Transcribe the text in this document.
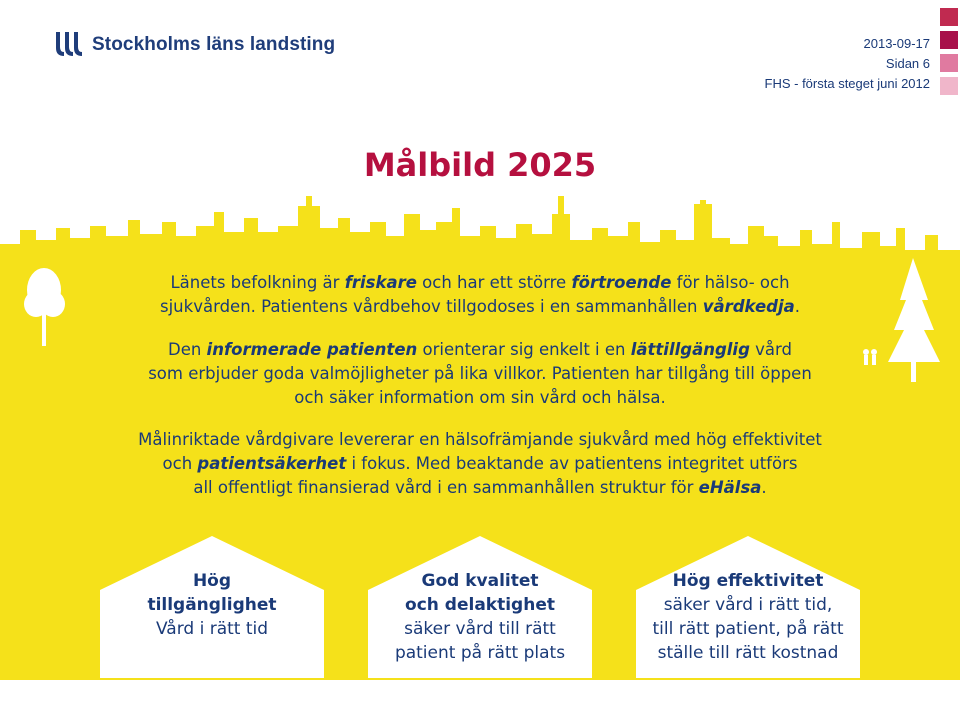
Stockholms läns landsting	2013-09-17
Sidan 6
FHS - första steget juni 2012
Målbild 2025
Länets befolkning är friskare och har ett större förtroende för hälso- och
sjukvården. Patientens vårdbehov tillgodoses i en sammanhållen vårdkedja.
Den informerade patienten orienterar sig enkelt i en lättillgänglig vård
som erbjuder goda valmöjligheter på lika villkor. Patienten har tillgång till öppen
och säker information om sin vård och hälsa.
Målinriktade vårdgivare levererar en hälsofrämjande sjukvård med hög effektivitet
och patientsäkerhet i fokus. Med beaktande av patientens integritet utförs
all offentligt finansierad vård i en sammanhållen struktur för eHälsa.
Hög
tillgänglighet
Vård i rätt tid
God kvalitet
och delaktighet
säker vård till rätt
patient på rätt plats
Hög effektivitet
säker vård i rätt tid,
till rätt patient, på rätt
ställe till rätt kostnad
